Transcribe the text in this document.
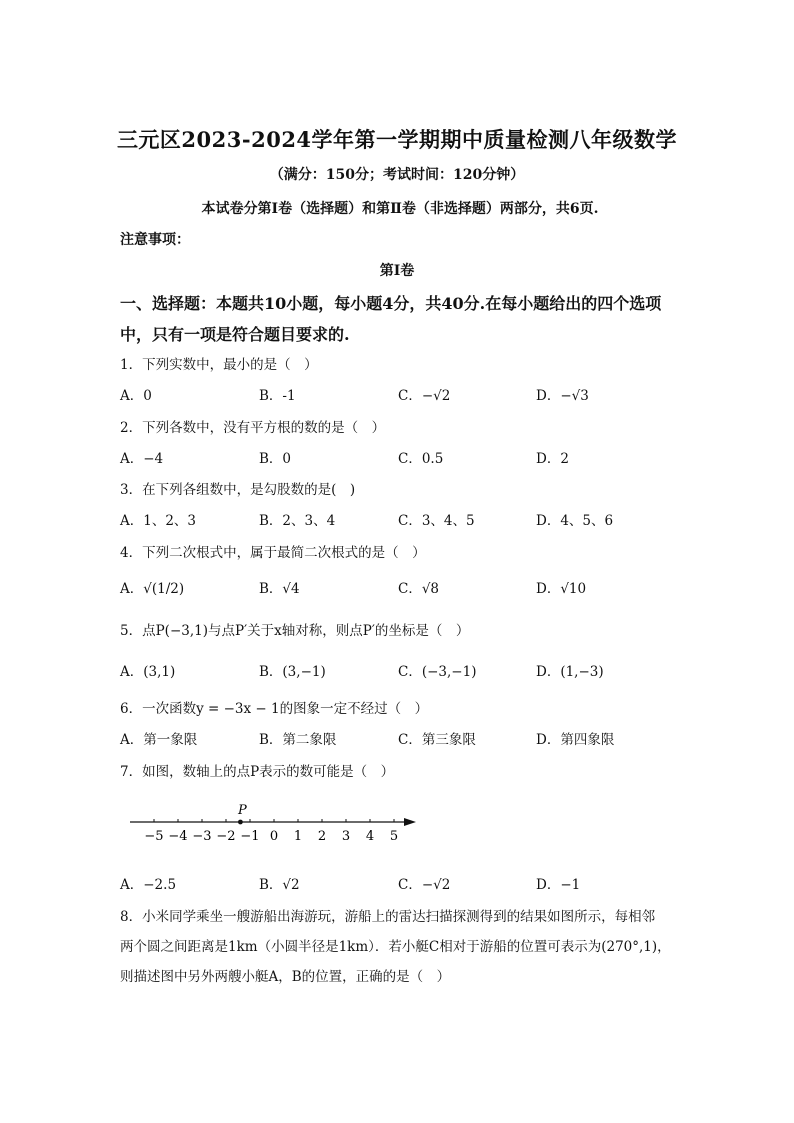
三元区2023-2024学年第一学期期中质量检测八年级数学
（满分：150分；考试时间：120分钟）
本试卷分第Ⅰ卷（选择题）和第Ⅱ卷（非选择题）两部分，共6页.
注意事项：
第Ⅰ卷
一、选择题：本题共10小题，每小题4分，共40分.在每小题给出的四个选项
中，只有一项是符合题目要求的.
1．下列实数中，最小的是（　）
A．0	B．-1	C．−√2	D．−√3
2．下列各数中，没有平方根的数的是（　）
A．−4	B．0	C．0.5	D．2
3．在下列各组数中，是勾股数的是(　)
A．1、2、3	B．2、3、4	C．3、4、5	D．4、5、6
4．下列二次根式中，属于最简二次根式的是（　）
A．√(1/2)	B．√4	C．√8	D．√10
5．点P(−3,1)与点P′关于x轴对称，则点P′的坐标是（　）
A．(3,1)	B．(3,−1)	C．(−3,−1)	D．(1,−3)
6．一次函数y = −3x − 1的图象一定不经过（　）
A．第一象限	B．第二象限	C．第三象限	D．第四象限
7．如图，数轴上的点P表示的数可能是（　）
−5 −4 −3 −2 −1 0 1 2 3 4 5
P
A．−2.5	B．√2	C．−√2	D．−1
8．小米同学乘坐一艘游船出海游玩，游船上的雷达扫描探测得到的结果如图所示，每相邻
两个圆之间距离是1km（小圆半径是1km）．若小艇C相对于游船的位置可表示为(270°,1)，
则描述图中另外两艘小艇A，B的位置，正确的是（　）
